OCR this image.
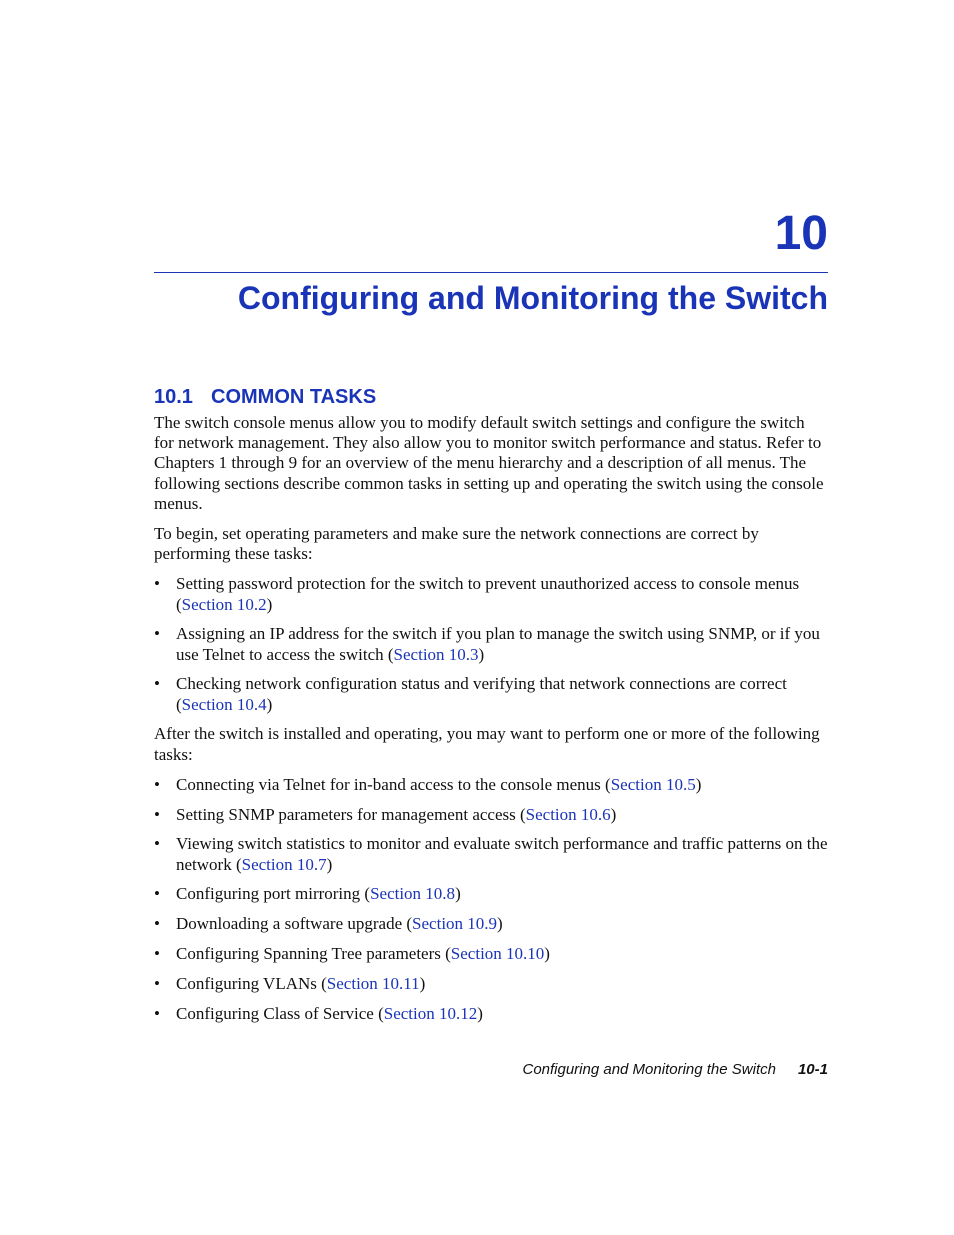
10
Configuring and Monitoring the Switch
10.1 COMMON TASKS

The switch console menus allow you to modify default switch settings and configure the switch for network management. They also allow you to monitor switch performance and status. Refer to Chapters 1 through 9 for an overview of the menu hierarchy and a description of all menus. The following sections describe common tasks in setting up and operating the switch using the console menus.

To begin, set operating parameters and make sure the network connections are correct by performing these tasks:

• Setting password protection for the switch to prevent unauthorized access to console menus (Section 10.2)
• Assigning an IP address for the switch if you plan to manage the switch using SNMP, or if you use Telnet to access the switch (Section 10.3)
• Checking network configuration status and verifying that network connections are correct (Section 10.4)

After the switch is installed and operating, you may want to perform one or more of the following tasks:

• Connecting via Telnet for in-band access to the console menus (Section 10.5)
• Setting SNMP parameters for management access (Section 10.6)
• Viewing switch statistics to monitor and evaluate switch performance and traffic patterns on the network (Section 10.7)
• Configuring port mirroring (Section 10.8)
• Downloading a software upgrade (Section 10.9)
• Configuring Spanning Tree parameters (Section 10.10)
• Configuring VLANs (Section 10.11)
• Configuring Class of Service (Section 10.12)
Configuring and Monitoring the Switch 10-1
